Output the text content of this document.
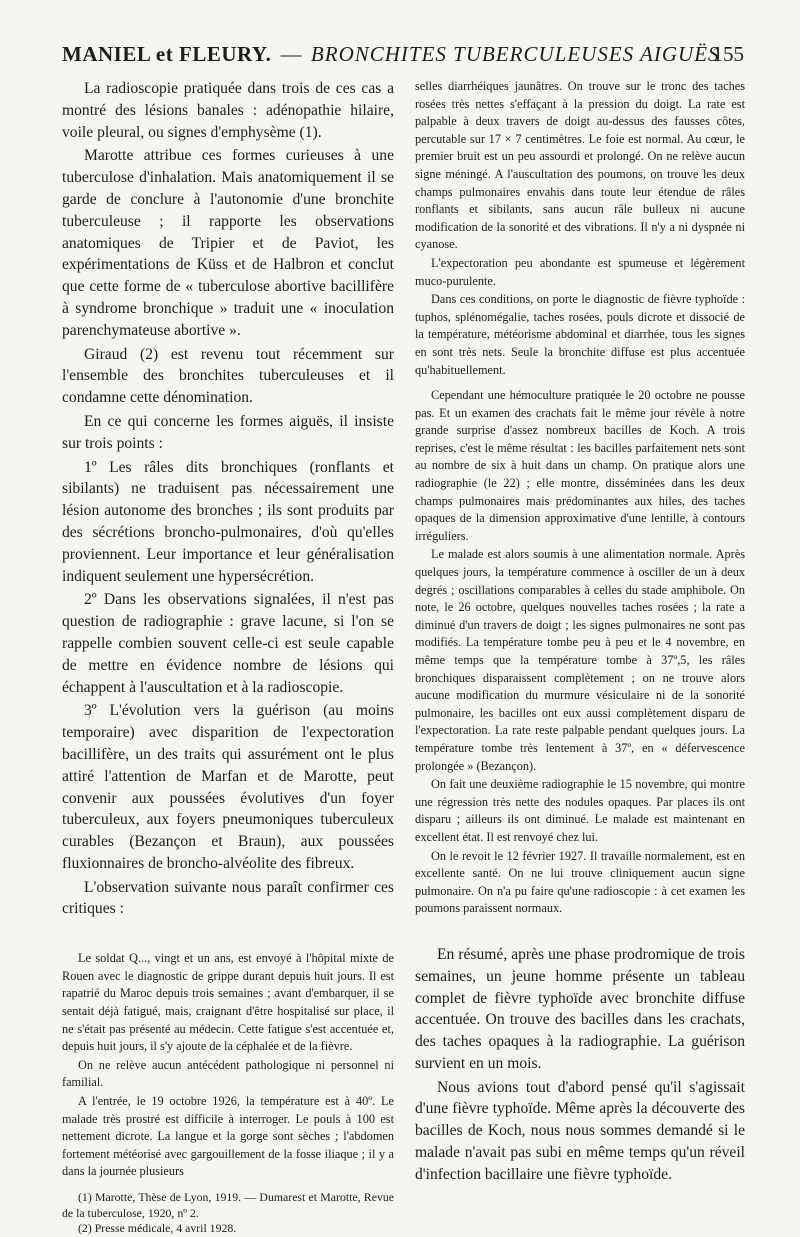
MANIEL et FLEURY. — BRONCHITES TUBERCULEUSES AIGUËS
155

La radioscopie pratiquée dans trois de ces cas a montré des lésions banales : adénopathie hilaire, voile pleural, ou signes d'emphysème (1).

Marotte attribue ces formes curieuses à une tuberculose d'inhalation. Mais anatomiquement il se garde de conclure à l'autonomie d'une bronchite tuberculeuse ; il rapporte les observations anatomiques de Tripier et de Paviot, les expérimentations de Küss et de Halbron et conclut que cette forme de « tuberculose abortive bacillifère à syndrome bronchique » traduit une « inoculation parenchymateuse abortive ».

Giraud (2) est revenu tout récemment sur l'ensemble des bronchites tuberculeuses et il condamne cette dénomination.

En ce qui concerne les formes aiguës, il insiste sur trois points :

1º Les râles dits bronchiques (ronflants et sibilants) ne traduisent pas nécessairement une lésion autonome des bronches ; ils sont produits par des sécrétions broncho-pulmonaires, d'où qu'elles proviennent. Leur importance et leur généralisation indiquent seulement une hypersécrétion.

2º Dans les observations signalées, il n'est pas question de radiographie : grave lacune, si l'on se rappelle combien souvent celle-ci est seule capable de mettre en évidence nombre de lésions qui échappent à l'auscultation et à la radioscopie.

3º L'évolution vers la guérison (au moins temporaire) avec disparition de l'expectoration bacillifère, un des traits qui assurément ont le plus attiré l'attention de Marfan et de Marotte, peut convenir aux poussées évolutives d'un foyer tuberculeux, aux foyers pneumoniques tuberculeux curables (Bezançon et Braun), aux poussées fluxionnaires de broncho-alvéolite des fibreux.

L'observation suivante nous paraît confirmer ces critiques :

Le soldat Q..., vingt et un ans, est envoyé à l'hôpital mixte de Rouen avec le diagnostic de grippe durant depuis huit jours. Il est rapatrié du Maroc depuis trois semaines ; avant d'embarquer, il se sentait déjà fatigué, mais, craignant d'être hospitalisé sur place, il ne s'était pas présenté au médecin. Cette fatigue s'est accentuée et, depuis huit jours, il s'y ajoute de la céphalée et de la fièvre.

On ne relève aucun antécédent pathologique ni personnel ni familial.

A l'entrée, le 19 octobre 1926, la température est à 40º. Le malade très prostré est difficile à interroger. Le pouls à 100 est nettement dicrote. La langue et la gorge sont sèches ; l'abdomen fortement météorisé avec gargouillement de la fosse iliaque ; il y a dans la journée plusieurs

(1) Marotte, Thèse de Lyon, 1919. — Dumarest et Marotte, Revue de la tuberculose, 1920, nº 2.

(2) Presse médicale, 4 avril 1928.

selles diarrhéiques jaunâtres. On trouve sur le tronc des taches rosées très nettes s'effaçant à la pression du doigt. La rate est palpable à deux travers de doigt au-dessus des fausses côtes, percutable sur 17 × 7 centimètres. Le foie est normal. Au cœur, le premier bruit est un peu assourdi et prolongé. On ne relève aucun signe méningé. A l'auscultation des poumons, on trouve les deux champs pulmonaires envahis dans toute leur étendue de râles ronflants et sibilants, sans aucun râle bulleux ni aucune modification de la sonorité et des vibrations. Il n'y a ni dyspnée ni cyanose.

L'expectoration peu abondante est spumeuse et légèrement muco-purulente.

Dans ces conditions, on porte le diagnostic de fièvre typhoïde : tuphos, splénomégalie, taches rosées, pouls dicrote et dissocié de la température, météorisme abdominal et diarrhée, tous les signes en sont très nets. Seule la bronchite diffuse est plus accentuée qu'habituellement.

Cependant une hémoculture pratiquée le 20 octobre ne pousse pas. Et un examen des crachats fait le même jour révèle à notre grande surprise d'assez nombreux bacilles de Koch. A trois reprises, c'est le même résultat : les bacilles parfaitement nets sont au nombre de six à huit dans un champ. On pratique alors une radiographie (le 22) ; elle montre, disséminées dans les deux champs pulmonaires mais prédominantes aux hiles, des taches opaques de la dimension approximative d'une lentille, à contours irréguliers.

Le malade est alors soumis à une alimentation normale. Après quelques jours, la température commence à osciller de un à deux degrés ; oscillations comparables à celles du stade amphibole. On note, le 26 octobre, quelques nouvelles taches rosées ; la rate a diminué d'un travers de doigt ; les signes pulmonaires ne sont pas modifiés. La température tombe peu à peu et le 4 novembre, en même temps que la température tombe à 37º,5, les râles bronchiques disparaissent complètement ; on ne trouve alors aucune modification du murmure vésiculaire ni de la sonorité pulmonaire, les bacilles ont eux aussi complètement disparu de l'expectoration. La rate reste palpable pendant quelques jours. La température tombe très lentement à 37º, en « défervescence prolongée » (Bezançon).

On fait une deuxième radiographie le 15 novembre, qui montre une régression très nette des nodules opaques. Par places ils ont disparu ; ailleurs ils ont diminué. Le malade est maintenant en excellent état. Il est renvoyé chez lui.

On le revoit le 12 février 1927. Il travaille normalement, est en excellente santé. On ne lui trouve cliniquement aucun signe pulmonaire. On n'a pu faire qu'une radioscopie : à cet examen les poumons paraissent normaux.

En résumé, après une phase prodromique de trois semaines, un jeune homme présente un tableau complet de fièvre typhoïde avec bronchite diffuse accentuée. On trouve des bacilles dans les crachats, des taches opaques à la radiographie. La guérison survient en un mois.

Nous avions tout d'abord pensé qu'il s'agissait d'une fièvre typhoïde. Même après la découverte des bacilles de Koch, nous nous sommes demandé si le malade n'avait pas subi en même temps qu'un réveil d'infection bacillaire une fièvre typhoïde.
